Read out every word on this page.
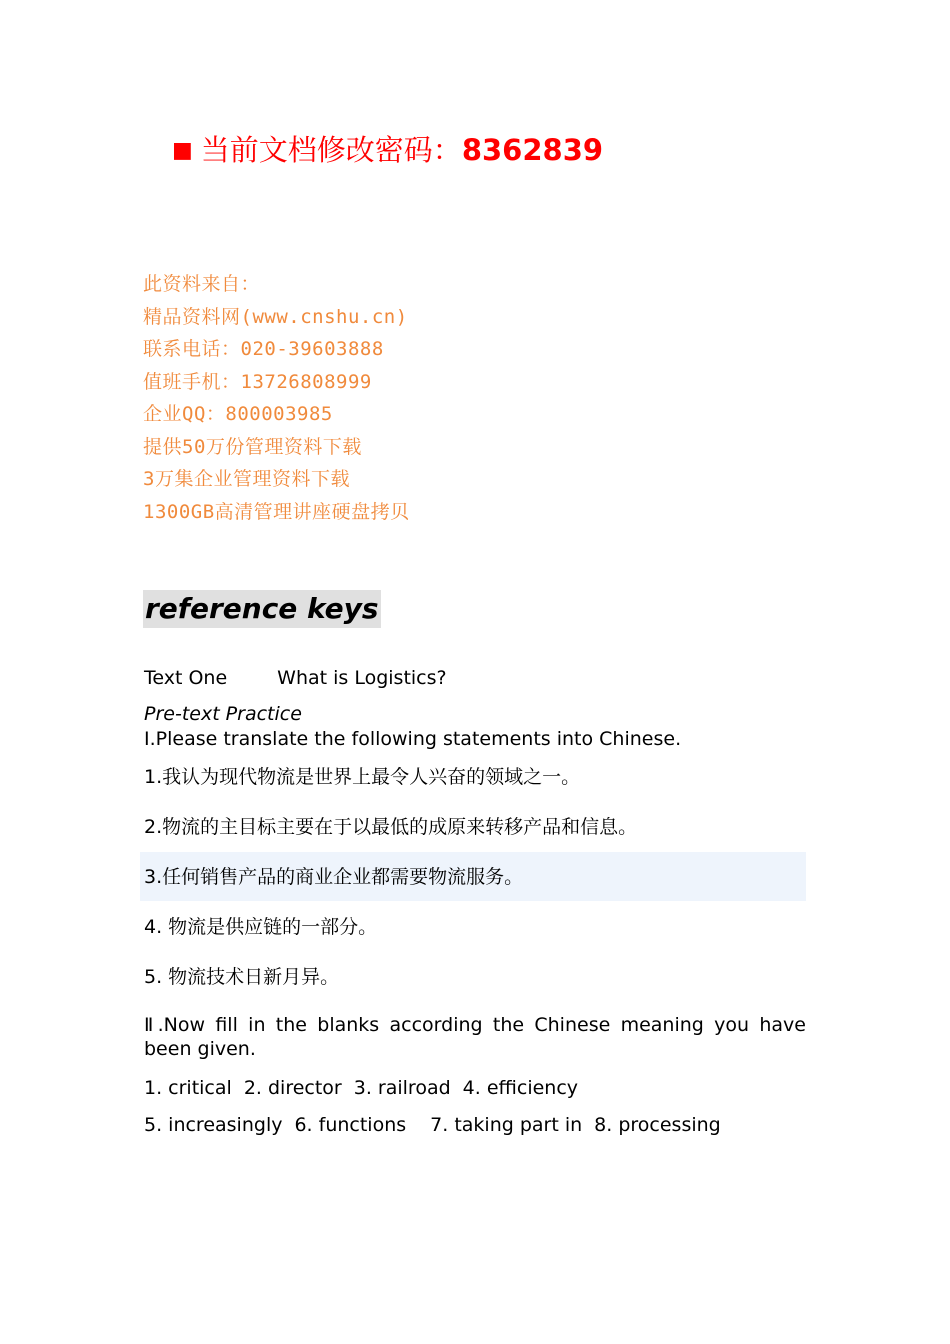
■ 当前文档修改密码：8362839
此资料来自：
精品资料网(www.cnshu.cn)
联系电话：020-39603888
值班手机：13726808999
企业QQ：800003985
提供50万份管理资料下载
3万集企业管理资料下载
1300GB高清管理讲座硬盘拷贝
reference keys
Text One	What is Logistics?
Pre-text Practice
I.Please translate the following statements into Chinese.
1.我认为现代物流是世界上最令人兴奋的领域之一。
2.物流的主目标主要在于以最低的成原来转移产品和信息。
3.任何销售产品的商业企业都需要物流服务。
4. 物流是供应链的一部分。
5. 物流技术日新月异。
Ⅱ.Now fill in the blanks according the Chinese meaning you have
been given.
1. critical 2. director 3. railroad 4. efficiency
5. increasingly 6. functions 7. taking part in 8. processing
